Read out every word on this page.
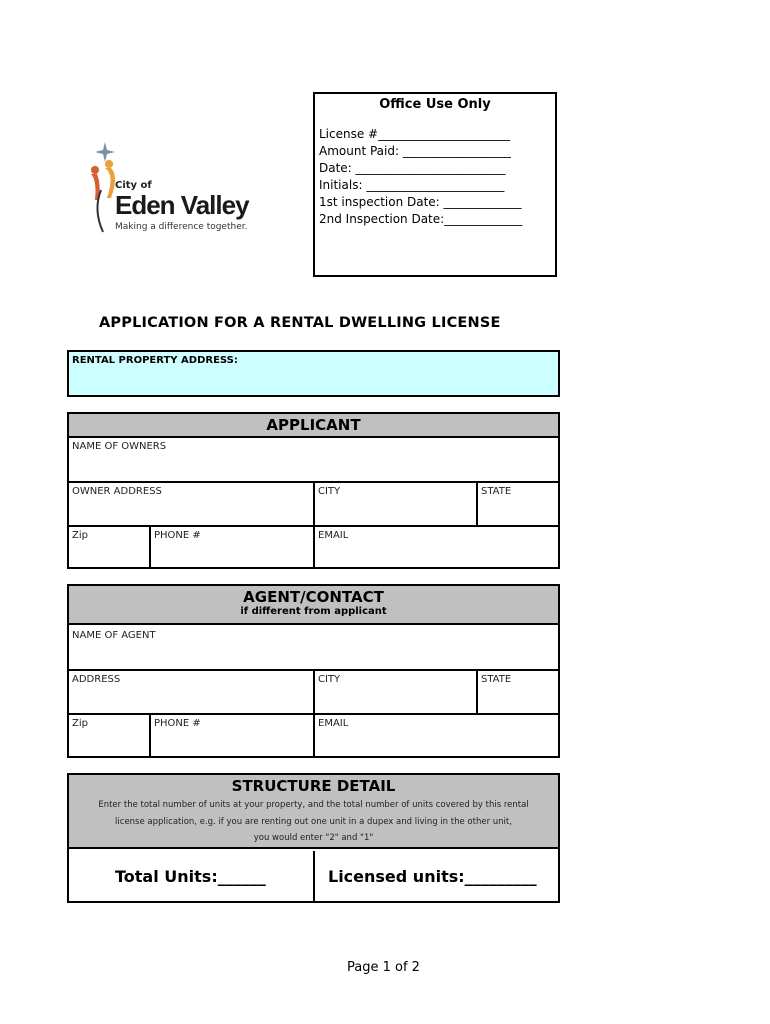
City of
Eden Valley
Making a difference together.
Office Use Only
License #______________________
Amount Paid: __________________
Date: _________________________
Initials: _______________________
1st inspection Date: _____________
2nd Inspection Date:_____________
APPLICATION FOR A RENTAL DWELLING LICENSE
RENTAL PROPERTY ADDRESS:
APPLICANT
NAME OF OWNERS
OWNER ADDRESS	CITY	STATE
Zip	PHONE #	EMAIL
AGENT/CONTACT
if different from applicant
NAME OF AGENT
ADDRESS	CITY	STATE
Zip	PHONE #	EMAIL
STRUCTURE DETAIL
Enter the total number of units at your property, and the total number of units covered by this rental
license application, e.g. if you are renting out one unit in a dupex and living in the other unit,
you would enter "2" and "1"
Total Units:______	Licensed units:_________
Page 1 of 2
